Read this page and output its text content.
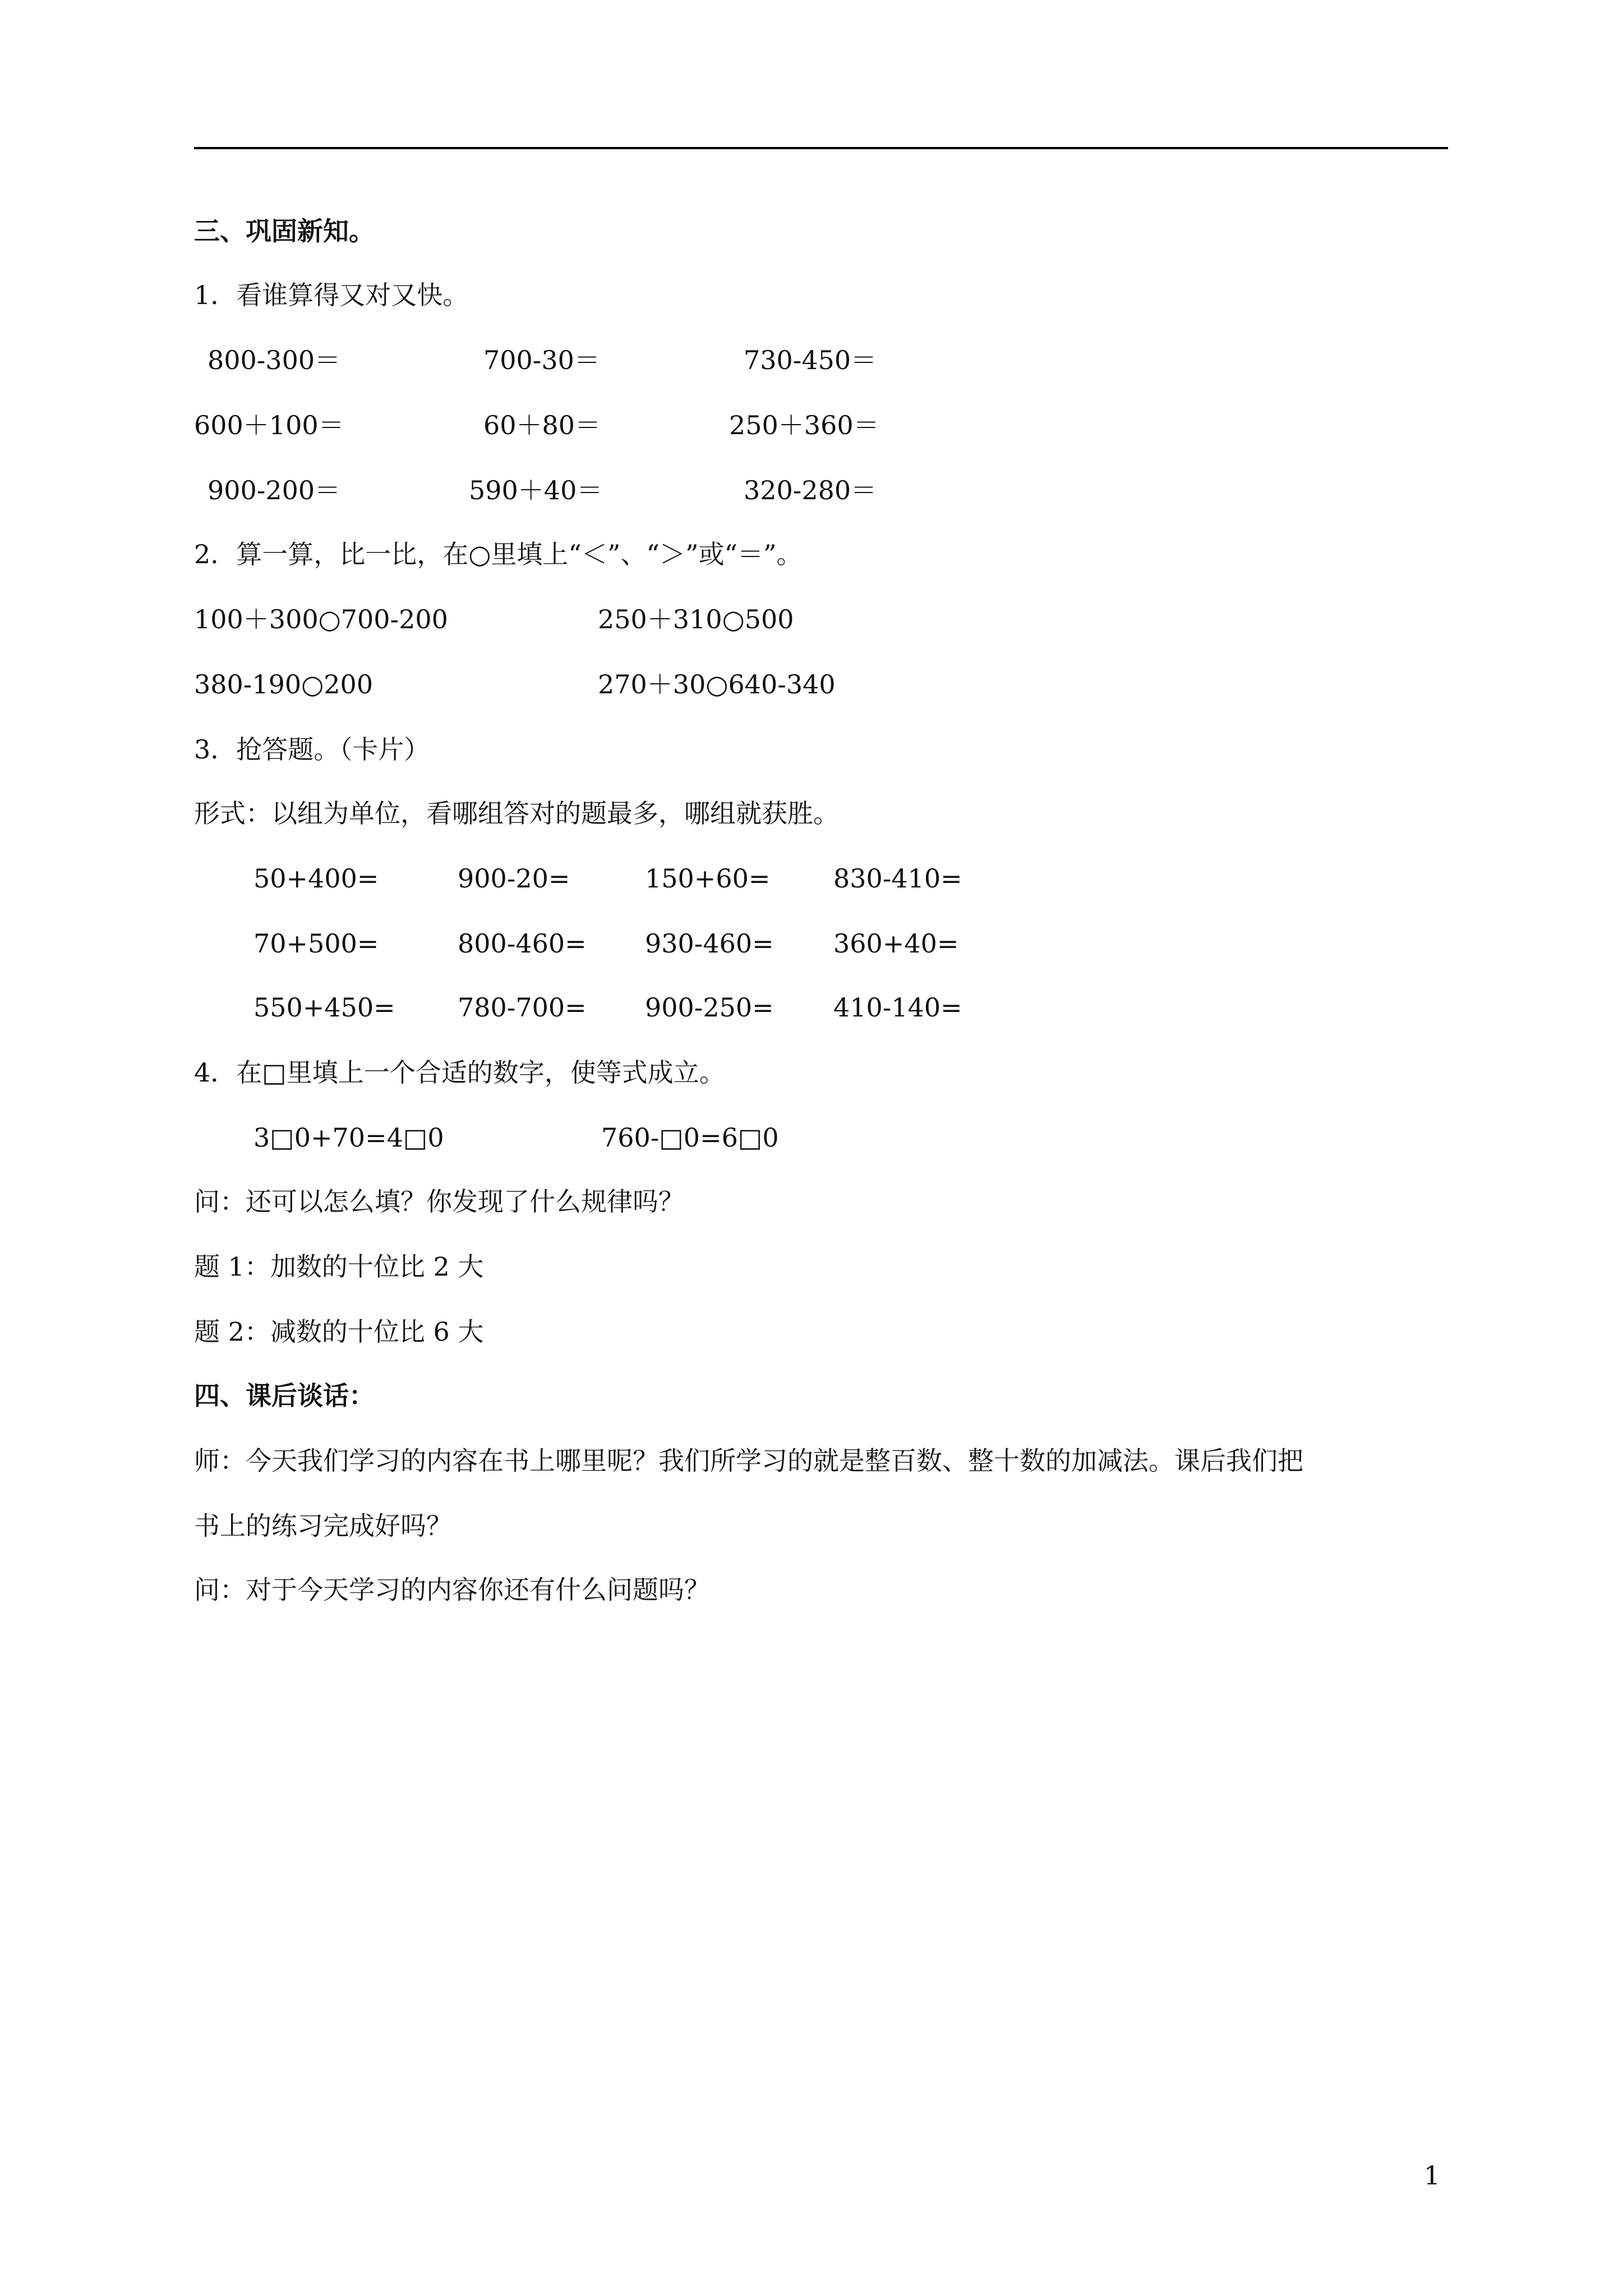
三、巩固新知。
1．看谁算得又对又快。
800-300＝	700-30＝	730-450＝
600＋100＝	60＋80＝	250＋360＝
900-200＝	590＋40＝	320-280＝
2．算一算，比一比，在○里填上“＜”、“＞”或“＝”。
100＋300○700-200	250＋310○500
380-190○200	270＋30○640-340
3．抢答题。（卡片）
形式：以组为单位，看哪组答对的题最多，哪组就获胜。
50+400=	900-20=	150+60= 830-410=
70+500=	800-460= 930-460= 360+40=
550+450= 780-700= 900-250= 410-140=
4．在□里填上一个合适的数字，使等式成立。
3□0+70=4□0	760-□0=6□0
问：还可以怎么填？你发现了什么规律吗？
题 1：加数的十位比 2 大
题 2：减数的十位比 6 大
四、课后谈话：
师：今天我们学习的内容在书上哪里呢？我们所学习的就是整百数、整十数的加减法。课后我们把
书上的练习完成好吗？
问：对于今天学习的内容你还有什么问题吗？
1
